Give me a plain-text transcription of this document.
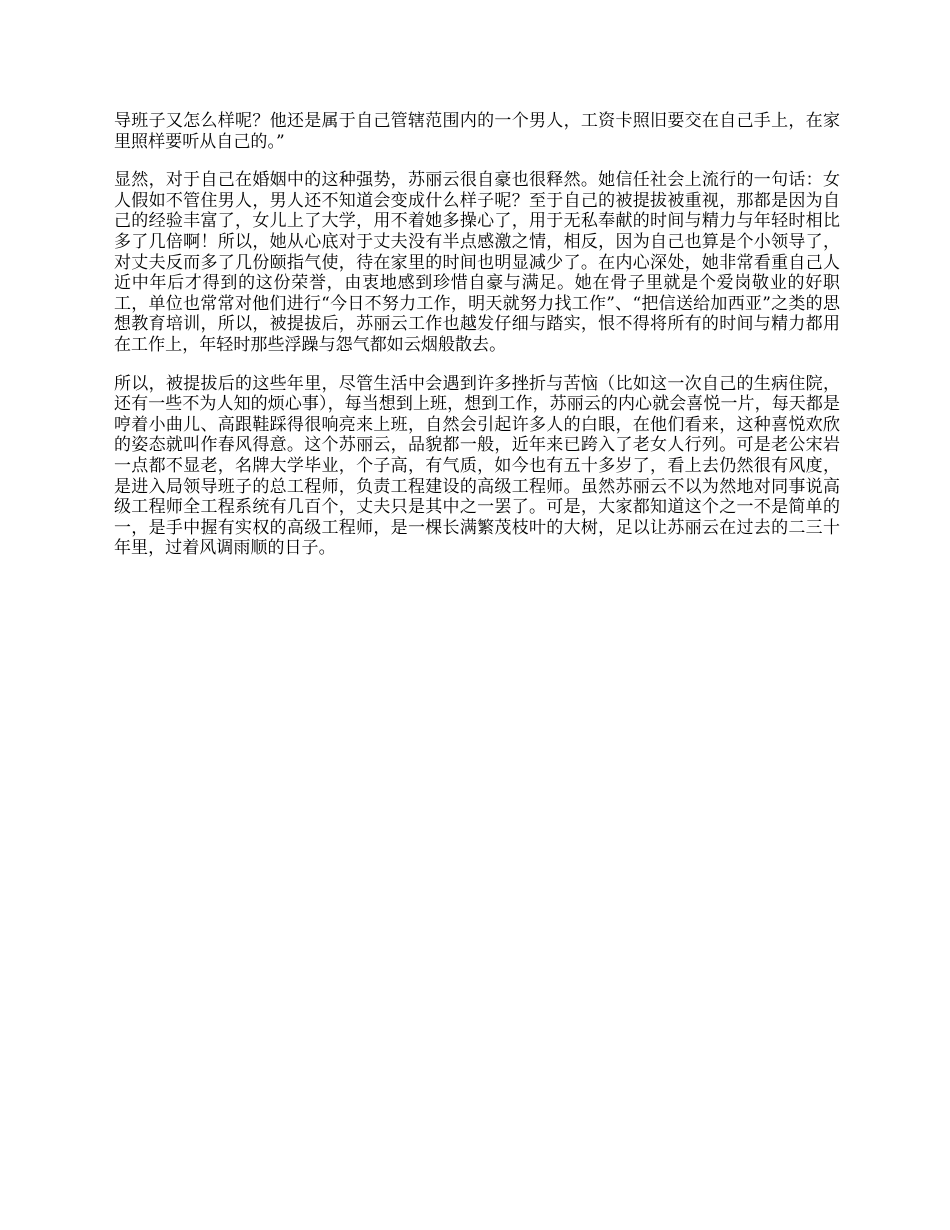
导班子又怎么样呢？他还是属于自己管辖范围内的一个男人，工资卡照旧要交在自己手上，在家里照样要听从自己的。”

显然，对于自己在婚姻中的这种强势，苏丽云很自豪也很释然。她信任社会上流行的一句话：女人假如不管住男人，男人还不知道会变成什么样子呢？至于自己的被提拔被重视，那都是因为自己的经验丰富了，女儿上了大学，用不着她多操心了，用于无私奉献的时间与精力与年轻时相比多了几倍啊！所以，她从心底对于丈夫没有半点感激之情，相反，因为自己也算是个小领导了，对丈夫反而多了几份颐指气使，待在家里的时间也明显减少了。在内心深处，她非常看重自己人近中年后才得到的这份荣誉，由衷地感到珍惜自豪与满足。她在骨子里就是个爱岗敬业的好职工，单位也常常对他们进行“今日不努力工作，明天就努力找工作”、“把信送给加西亚”之类的思想教育培训，所以，被提拔后，苏丽云工作也越发仔细与踏实，恨不得将所有的时间与精力都用在工作上，年轻时那些浮躁与怨气都如云烟般散去。

所以，被提拔后的这些年里，尽管生活中会遇到许多挫折与苦恼（比如这一次自己的生病住院，还有一些不为人知的烦心事），每当想到上班，想到工作，苏丽云的内心就会喜悦一片，每天都是哼着小曲儿、高跟鞋踩得很响亮来上班，自然会引起许多人的白眼，在他们看来，这种喜悦欢欣的姿态就叫作春风得意。这个苏丽云，品貌都一般，近年来已跨入了老女人行列。可是老公宋岩一点都不显老，名牌大学毕业，个子高，有气质，如今也有五十多岁了，看上去仍然很有风度，是进入局领导班子的总工程师，负责工程建设的高级工程师。虽然苏丽云不以为然地对同事说高级工程师全工程系统有几百个，丈夫只是其中之一罢了。可是，大家都知道这个之一不是简单的一，是手中握有实权的高级工程师，是一棵长满繁茂枝叶的大树，足以让苏丽云在过去的二三十年里，过着风调雨顺的日子。
